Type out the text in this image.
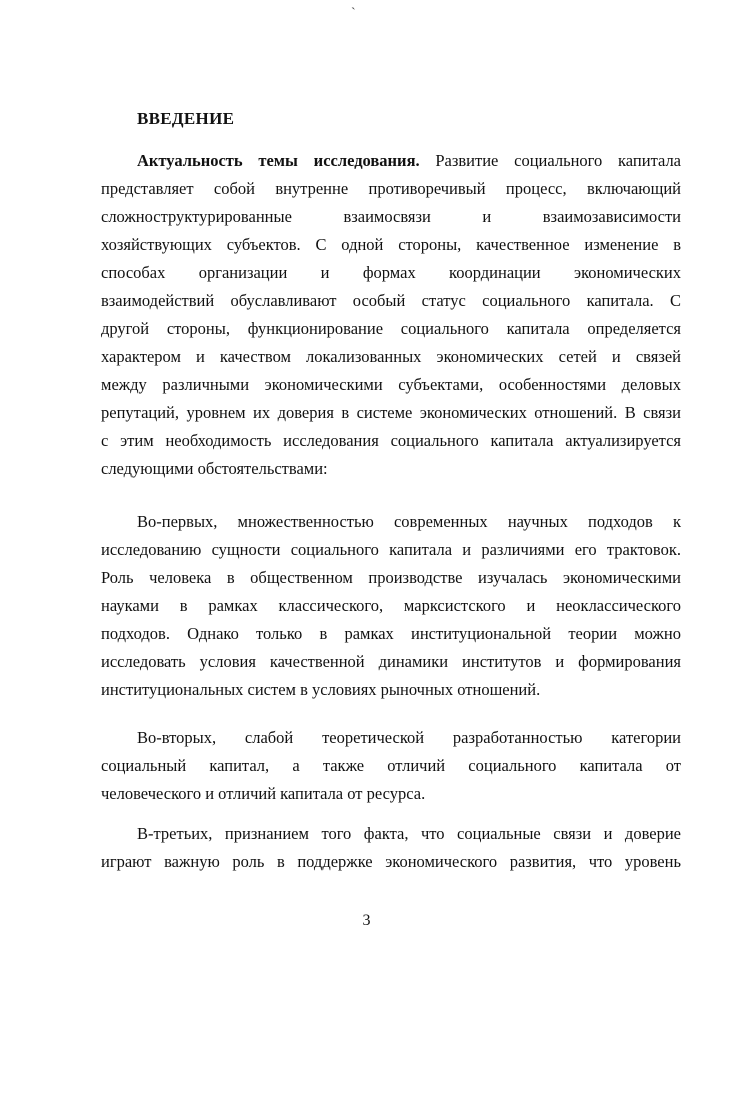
`
ВВЕДЕНИЕ
Актуальность темы исследования. Развитие социального капитала
представляет собой внутренне противоречивый процесс, включающий
сложноструктурированные взаимосвязи и взаимозависимости
хозяйствующих субъектов. С одной стороны, качественное изменение в
способах организации и формах координации экономических
взаимодействий обуславливают особый статус социального капитала. С
другой стороны, функционирование социального капитала определяется
характером и качеством локализованных экономических сетей и связей
между различными экономическими субъектами, особенностями деловых
репутаций, уровнем их доверия в системе экономических отношений. В связи
с этим необходимость исследования социального капитала актуализируется
следующими обстоятельствами:
Во-первых, множественностью современных научных подходов к
исследованию сущности социального капитала и различиями его трактовок.
Роль человека в общественном производстве изучалась экономическими
науками в рамках классического, марксистского и неоклассического
подходов. Однако только в рамках институциональной теории можно
исследовать условия качественной динамики институтов и формирования
институциональных систем в условиях рыночных отношений.
Во-вторых, слабой теоретической разработанностью категории
социальный капитал, а также отличий социального капитала от
человеческого и отличий капитала от ресурса.
В-третьих, признанием того факта, что социальные связи и доверие
играют важную роль в поддержке экономического развития, что уровень
3
